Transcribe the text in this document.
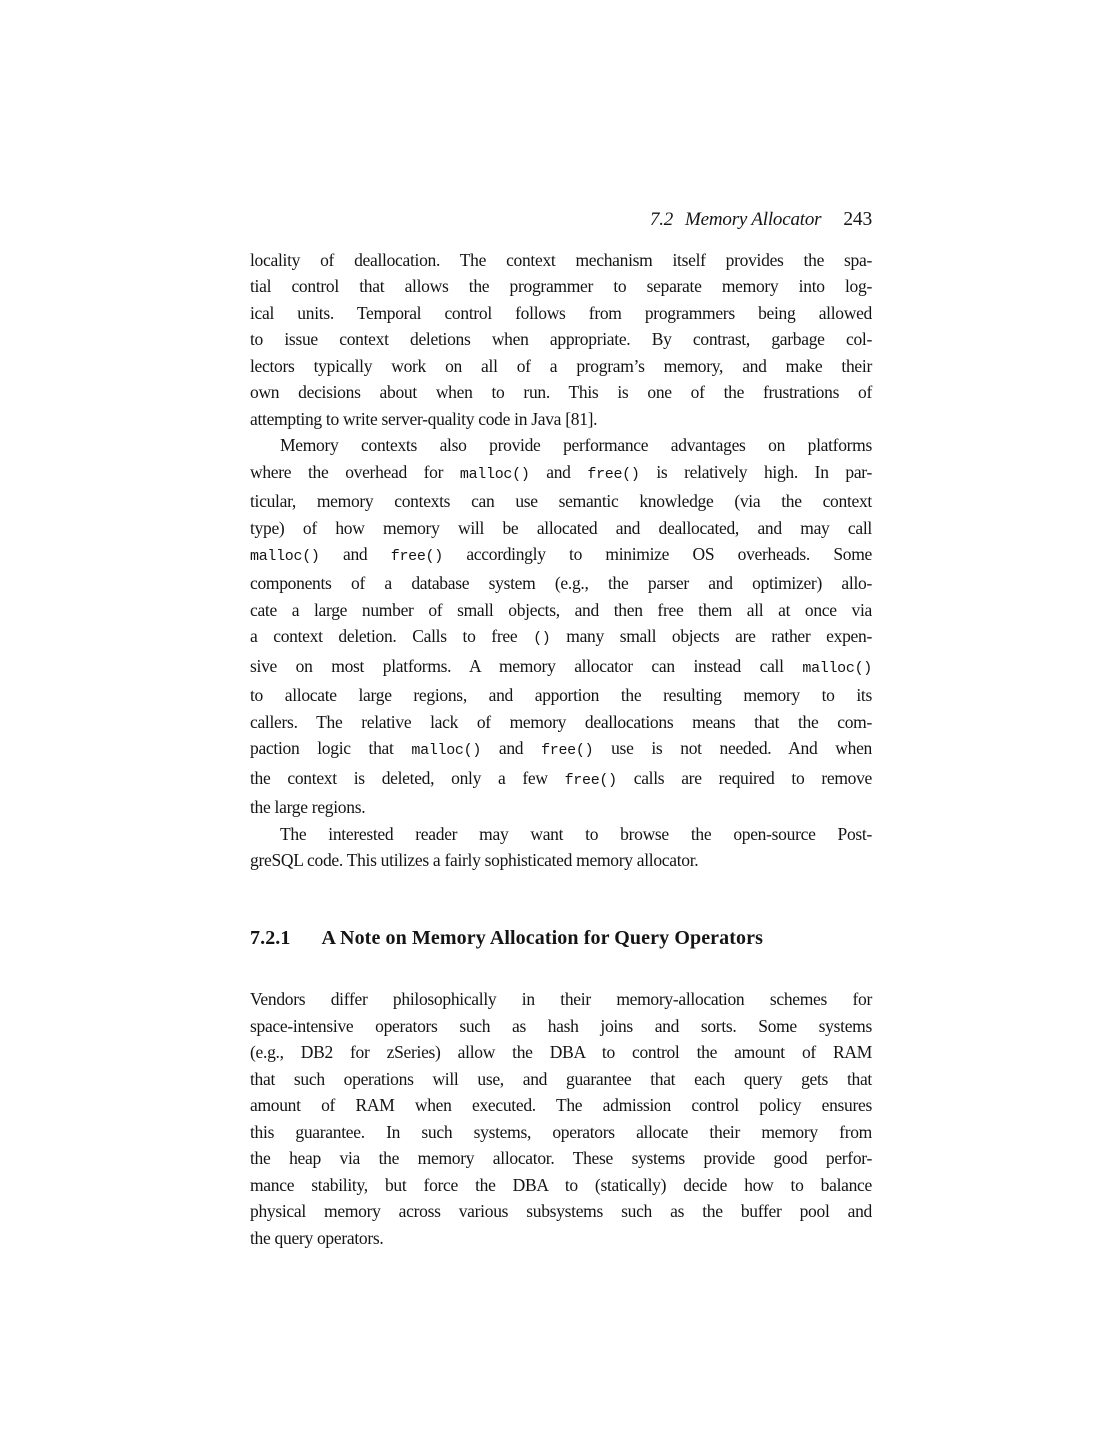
7.2 Memory Allocator 243
locality of deallocation. The context mechanism itself provides the spa-
tial control that allows the programmer to separate memory into log-
ical units. Temporal control follows from programmers being allowed
to issue context deletions when appropriate. By contrast, garbage col-
lectors typically work on all of a program’s memory, and make their
own decisions about when to run. This is one of the frustrations of
attempting to write server-quality code in Java [81].
Memory contexts also provide performance advantages on platforms
where the overhead for malloc() and free() is relatively high. In par-
ticular, memory contexts can use semantic knowledge (via the context
type) of how memory will be allocated and deallocated, and may call
malloc() and free() accordingly to minimize OS overheads. Some
components of a database system (e.g., the parser and optimizer) allo-
cate a large number of small objects, and then free them all at once via
a context deletion. Calls to free () many small objects are rather expen-
sive on most platforms. A memory allocator can instead call malloc()
to allocate large regions, and apportion the resulting memory to its
callers. The relative lack of memory deallocations means that the com-
paction logic that malloc() and free() use is not needed. And when
the context is deleted, only a few free() calls are required to remove
the large regions.
The interested reader may want to browse the open-source Post-
greSQL code. This utilizes a fairly sophisticated memory allocator.
7.2.1 A Note on Memory Allocation for Query Operators
Vendors differ philosophically in their memory-allocation schemes for
space-intensive operators such as hash joins and sorts. Some systems
(e.g., DB2 for zSeries) allow the DBA to control the amount of RAM
that such operations will use, and guarantee that each query gets that
amount of RAM when executed. The admission control policy ensures
this guarantee. In such systems, operators allocate their memory from
the heap via the memory allocator. These systems provide good perfor-
mance stability, but force the DBA to (statically) decide how to balance
physical memory across various subsystems such as the buffer pool and
the query operators.
